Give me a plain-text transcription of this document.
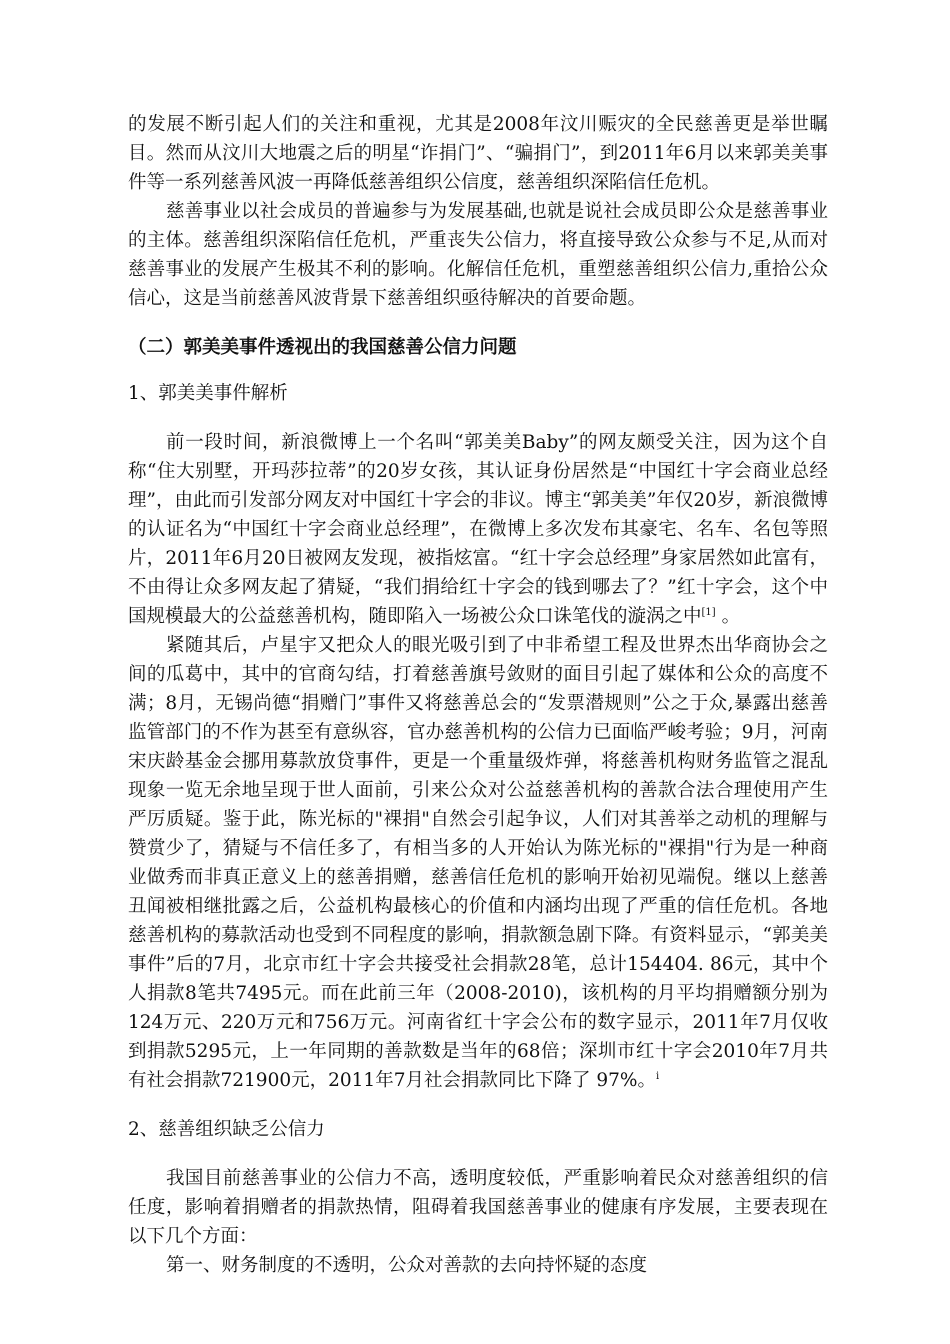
的发展不断引起人们的关注和重视，尤其是2008年汶川赈灾的全民慈善更是举世瞩目。然而从汶川大地震之后的明星“诈捐门”、“骗捐门”，到2011年6月以来郭美美事件等一系列慈善风波一再降低慈善组织公信度，慈善组织深陷信任危机。

慈善事业以社会成员的普遍参与为发展基础,也就是说社会成员即公众是慈善事业的主体。慈善组织深陷信任危机，严重丧失公信力，将直接导致公众参与不足,从而对慈善事业的发展产生极其不利的影响。化解信任危机，重塑慈善组织公信力,重拾公众信心，这是当前慈善风波背景下慈善组织亟待解决的首要命题。

（二）郭美美事件透视出的我国慈善公信力问题

1、郭美美事件解析

前一段时间，新浪微博上一个名叫“郭美美Baby”的网友颇受关注，因为这个自称“住大别墅，开玛莎拉蒂”的20岁女孩，其认证身份居然是“中国红十字会商业总经理”，由此而引发部分网友对中国红十字会的非议。博主“郭美美”年仅20岁，新浪微博的认证名为“中国红十字会商业总经理”，在微博上多次发布其豪宅、名车、名包等照片，2011年6月20日被网友发现，被指炫富。“红十字会总经理”身家居然如此富有，不由得让众多网友起了猜疑，“我们捐给红十字会的钱到哪去了？”红十字会，这个中国规模最大的公益慈善机构，随即陷入一场被公众口诛笔伐的漩涡之中[1] 。

紧随其后，卢星宇又把众人的眼光吸引到了中非希望工程及世界杰出华商协会之间的瓜葛中，其中的官商勾结，打着慈善旗号敛财的面目引起了媒体和公众的高度不满；8月，无锡尚德“捐赠门”事件又将慈善总会的“发票潜规则”公之于众,暴露出慈善监管部门的不作为甚至有意纵容，官办慈善机构的公信力已面临严峻考验；9月，河南宋庆龄基金会挪用募款放贷事件，更是一个重量级炸弹，将慈善机构财务监管之混乱现象一览无余地呈现于世人面前，引来公众对公益慈善机构的善款合法合理使用产生严厉质疑。鉴于此，陈光标的"裸捐"自然会引起争议，人们对其善举之动机的理解与赞赏少了，猜疑与不信任多了，有相当多的人开始认为陈光标的"裸捐"行为是一种商业做秀而非真正意义上的慈善捐赠，慈善信任危机的影响开始初见端倪。继以上慈善丑闻被相继批露之后，公益机构最核心的价值和内涵均出现了严重的信任危机。各地慈善机构的募款活动也受到不同程度的影响，捐款额急剧下降。有资料显示，“郭美美事件”后的7月，北京市红十字会共接受社会捐款28笔，总计154404. 86元，其中个人捐款8笔共7495元。而在此前三年（2008-2010)，该机构的月平均捐赠额分别为124万元、220万元和756万元。河南省红十字会公布的数字显示，2011年7月仅收到捐款5295元，上一年同期的善款数是当年的68倍；深圳市红十字会2010年7月共有社会捐款721900元，2011年7月社会捐款同比下降了 97%。$^i$

2、慈善组织缺乏公信力

我国目前慈善事业的公信力不高，透明度较低，严重影响着民众对慈善组织的信任度，影响着捐赠者的捐款热情，阻碍着我国慈善事业的健康有序发展，主要表现在以下几个方面：

第一、财务制度的不透明，公众对善款的去向持怀疑的态度
